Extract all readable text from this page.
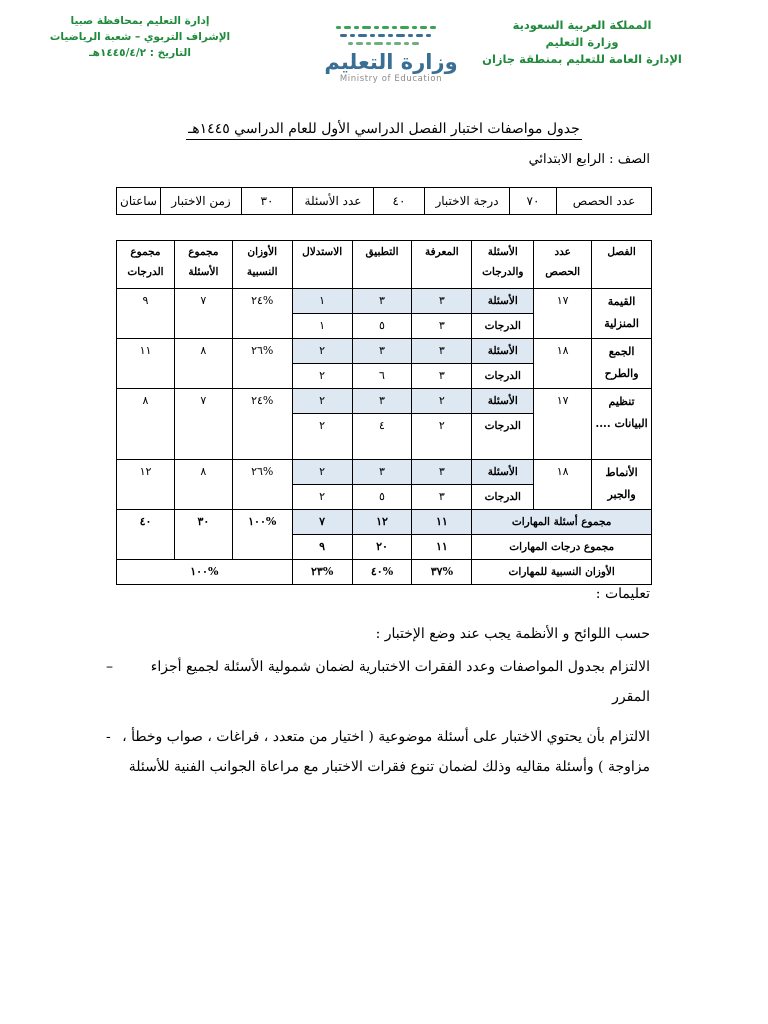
المملكة العربية السعودية
وزارة التعليم
الإدارة العامة للتعليم بمنطقة جازان
وزارة التعليم
Ministry of Education
إدارة التعليم بمحافظة صبيا
الإشراف التربوي – شعبة الرياضيات
التاريخ : ١٤٤٥/٤/٢هـ
جدول مواصفات اختبار الفصل الدراسي الأول للعام الدراسي ١٤٤٥هـ
الصف : الرابع الابتدائي
عدد الحصص	٧٠	درجة الاختبار	٤٠	عدد الأسئلة	٣٠	زمن الاختبار	ساعتان
الفصل	عدد الحصص	الأسئلة والدرجات	المعرفة	التطبيق	الاستدلال	الأوزان النسبية	مجموع الأسئلة	مجموع الدرجات
القيمة المنزلية	١٧	الأسئلة	٣	٣	١	%٢٤	٧	٩
		الدرجات	٣	٥	١			
الجمع والطرح	١٨	الأسئلة	٣	٣	٢	%٢٦	٨	١١
		الدرجات	٣	٦	٢			
تنظيم البيانات ....	١٧	الأسئلة	٢	٣	٢	%٢٤	٧	٨
		الدرجات	٢	٤	٢			
الأنماط والجبر	١٨	الأسئلة	٣	٣	٢	%٢٦	٨	١٢
		الدرجات	٣	٥	٢			
مجموع أسئلة المهارات			١١	١٢	٧	%١٠٠	٣٠	٤٠
مجموع درجات المهارات			١١	٢٠	٩			
الأوزان النسبية للمهارات			%٣٧	%٤٠	%٢٣	%١٠٠		
تعليمات :
حسب اللوائح و الأنظمة يجب عند وضع الإختبار :
–	الالتزام بجدول المواصفات وعدد الفقرات الاختبارية لضمان شمولية الأسئلة لجميع أجزاء المقرر
- الالتزام بأن يحتوي الاختبار على أسئلة موضوعية ( اختيار من متعدد ، فراغات ، صواب وخطأ ، مزاوجة ) وأسئلة مقاليه وذلك لضمان تنوع فقرات الاختبار مع مراعاة الجوانب الفنية للأسئلة
